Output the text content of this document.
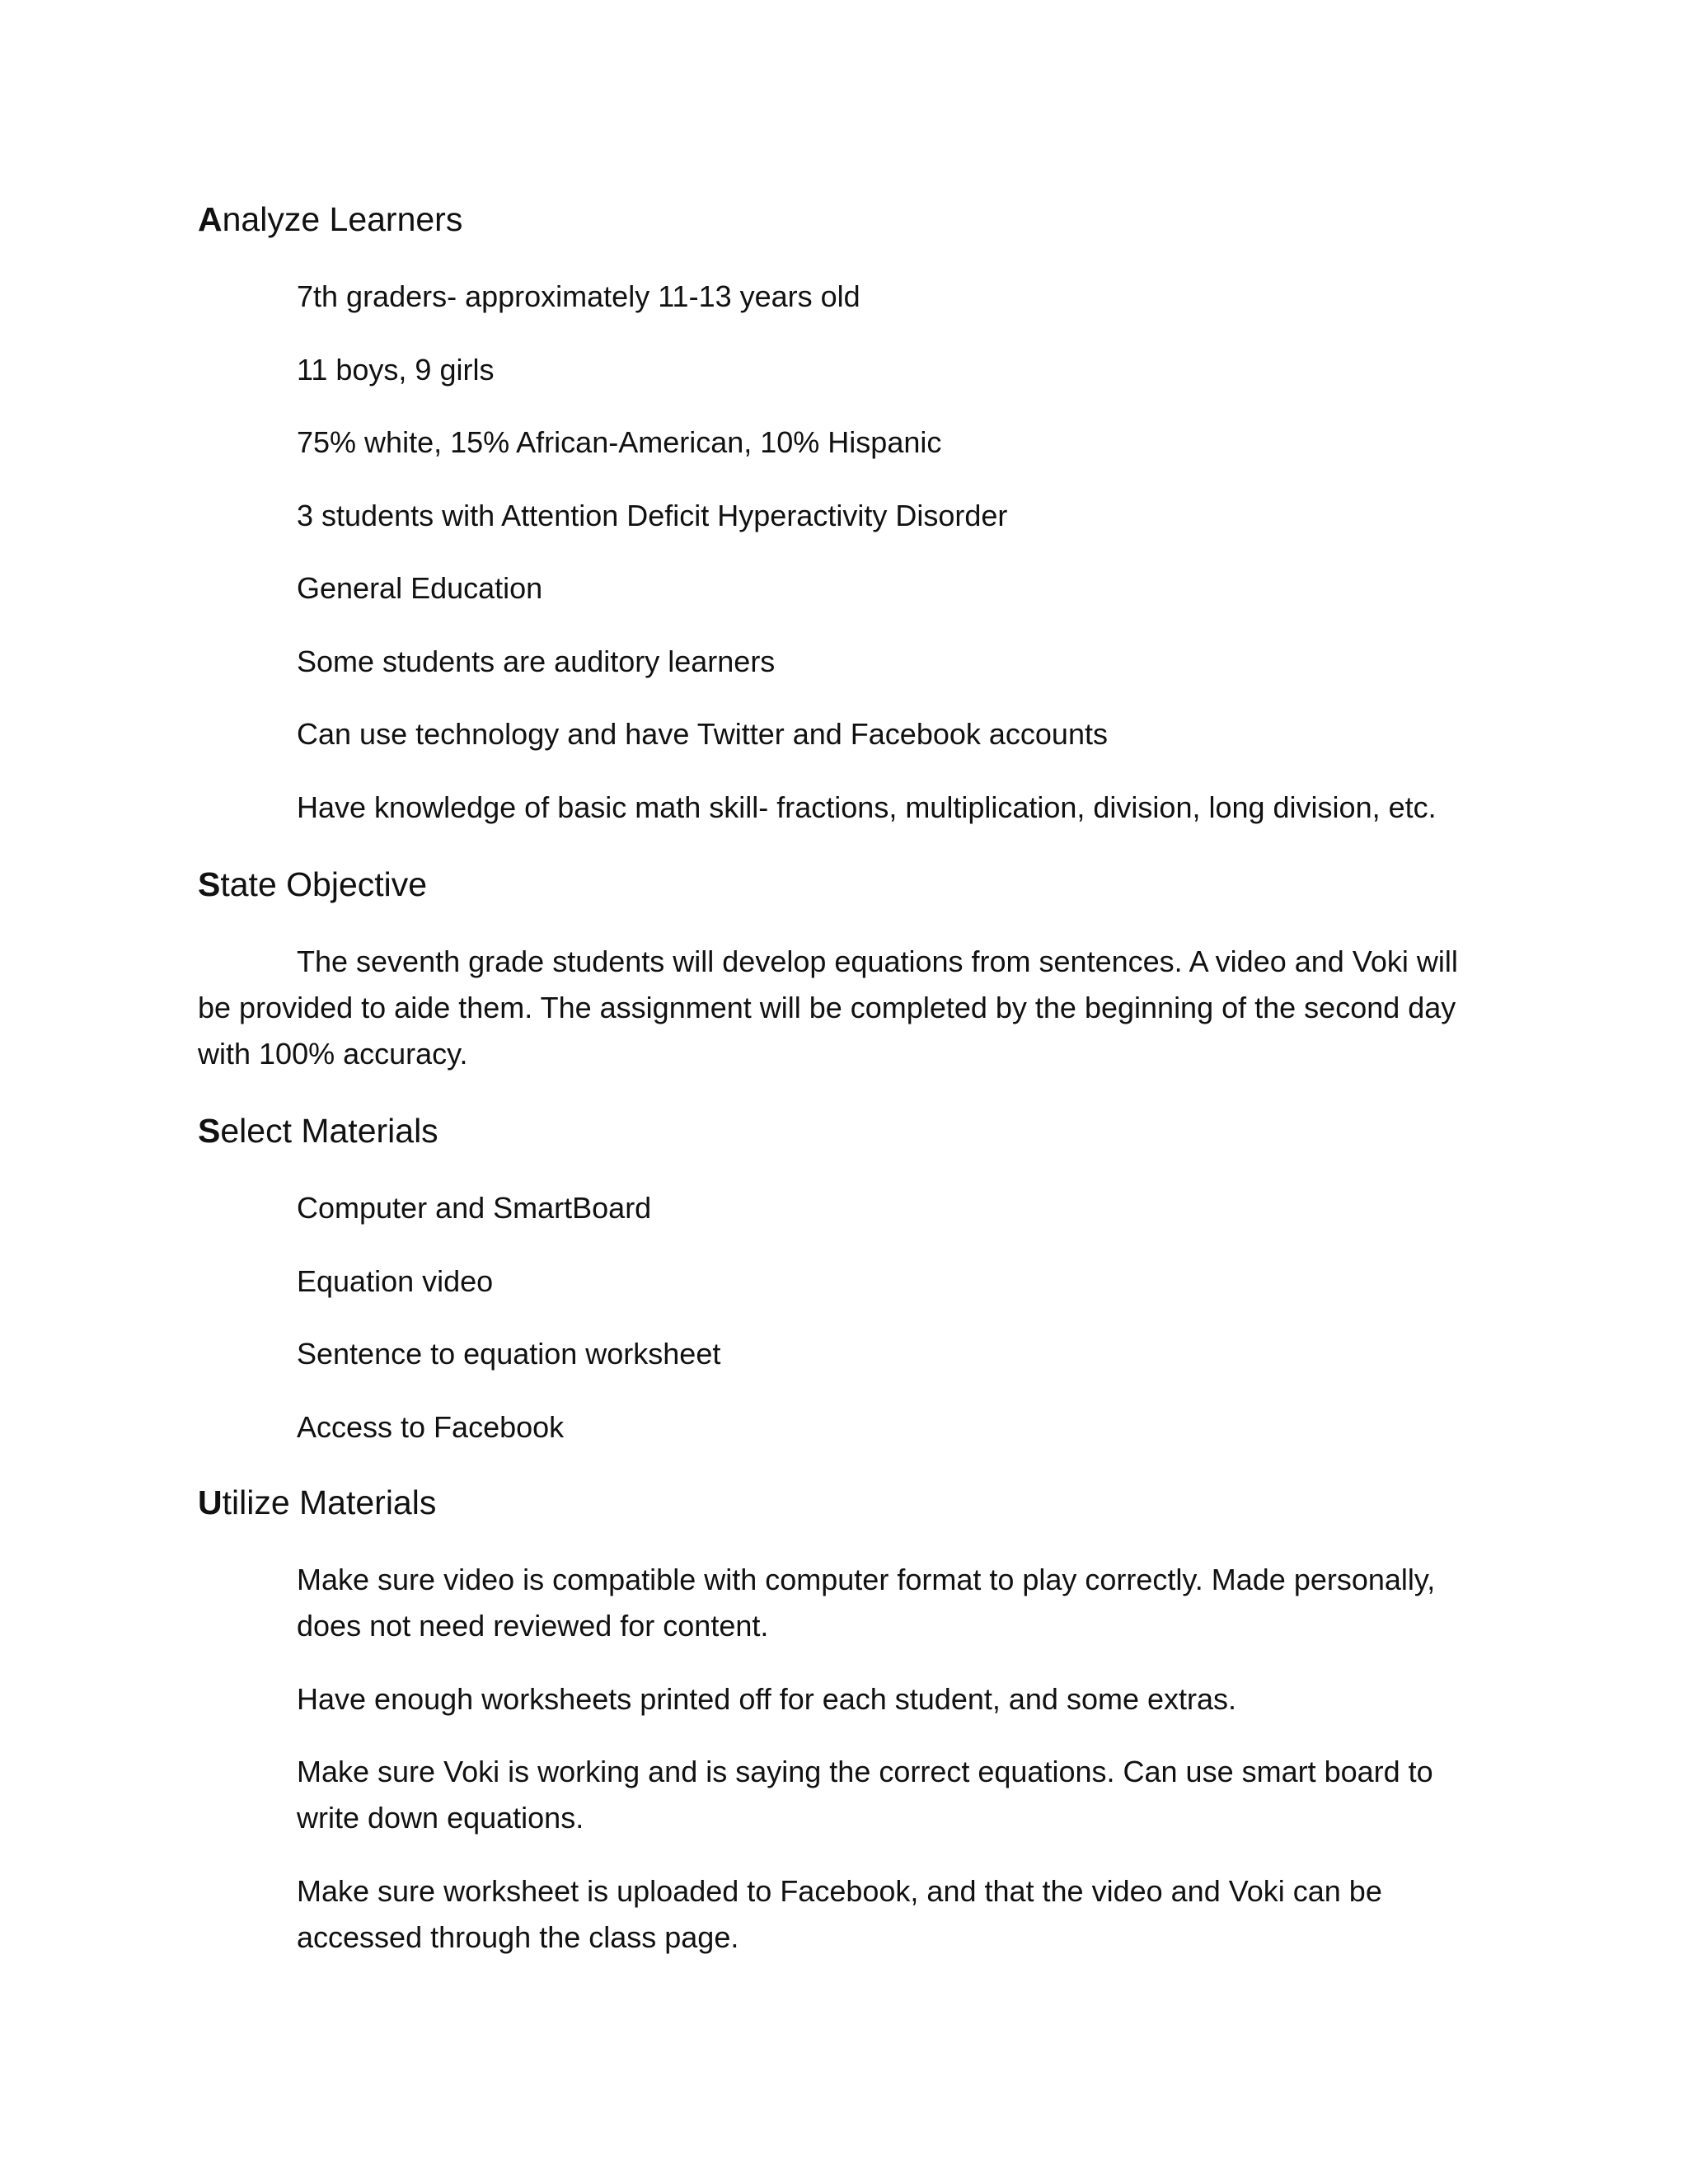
Analyze Learners

7th graders- approximately 11-13 years old

11 boys, 9 girls

75% white, 15% African-American, 10% Hispanic

3 students with Attention Deficit Hyperactivity Disorder

General Education

Some students are auditory learners

Can use technology and have Twitter and Facebook accounts

Have knowledge of basic math skill- fractions, multiplication, division, long division, etc.

State Objective

The seventh grade students will develop equations from sentences. A video and Voki will be provided to aide them. The assignment will be completed by the beginning of the second day with 100% accuracy.

Select Materials

Computer and SmartBoard

Equation video

Sentence to equation worksheet

Access to Facebook

Utilize Materials

Make sure video is compatible with computer format to play correctly. Made personally, does not need reviewed for content.

Have enough worksheets printed off for each student, and some extras.

Make sure Voki is working and is saying the correct equations. Can use smart board to write down equations.

Make sure worksheet is uploaded to Facebook, and that the video and Voki can be accessed through the class page.
